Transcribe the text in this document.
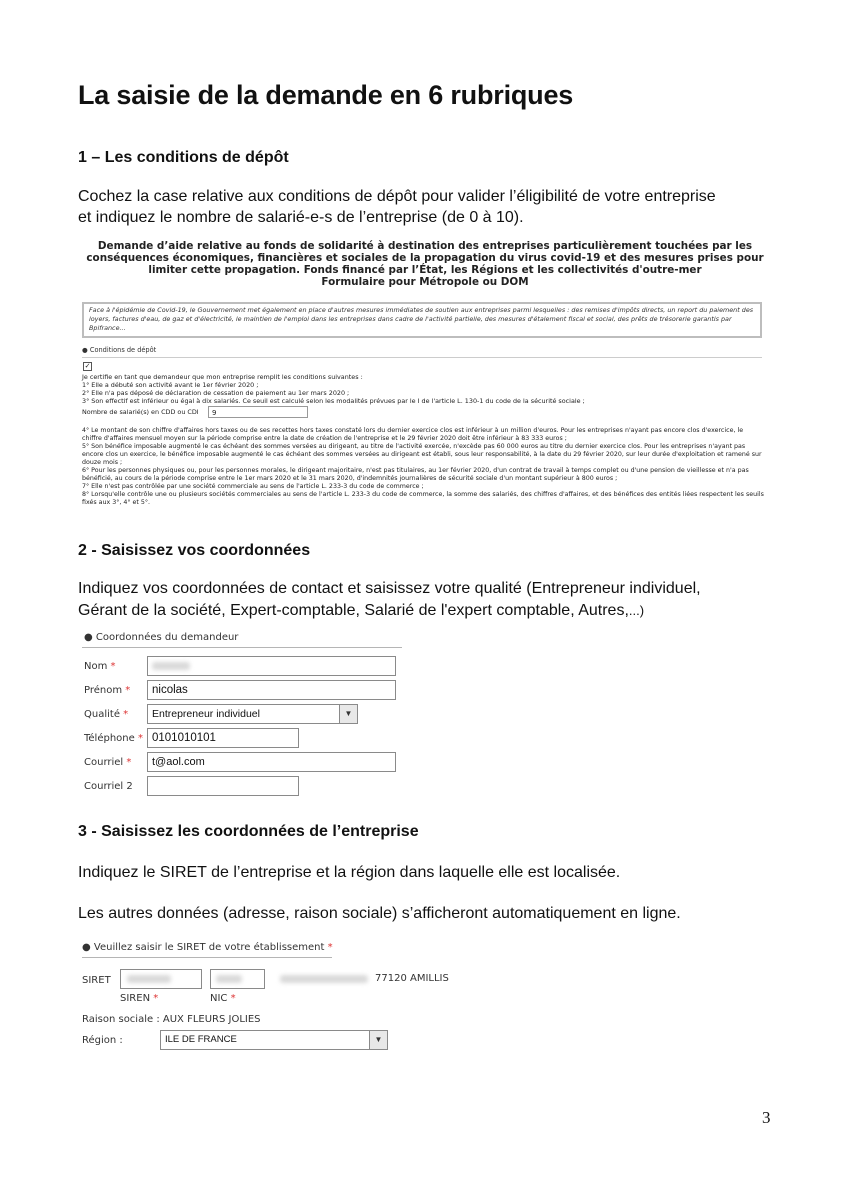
La saisie de la demande en 6 rubriques

1 – Les conditions de dépôt

Cochez la case relative aux conditions de dépôt pour valider l’éligibilité de votre entreprise

et indiquez le nombre de salarié-e-s de l’entreprise (de 0 à 10).

Demande d’aide relative au fonds de solidarité à destination des entreprises particulièrement touchées par les
conséquences économiques, financières et sociales de la propagation du virus covid-19 et des mesures prises pour
limiter cette propagation. Fonds financé par l’État, les Régions et les collectivités d'outre-mer
Formulaire pour Métropole ou DOM
Face à l'épidémie de Covid-19, le Gouvernement met également en place d'autres mesures immédiates de soutien aux entreprises parmi lesquelles : des remises d'impôts directs, un report du paiement des loyers, factures d'eau, de gaz et d'électricité, le maintien de l'emploi dans les entreprises dans cadre de l'activité partielle, des mesures d'étalement fiscal et social, des prêts de trésorerie garantis par Bpifrance...
● Conditions de dépôt
✓
Je certifie en tant que demandeur que mon entreprise remplit les conditions suivantes :
1° Elle a débuté son activité avant le 1er février 2020 ;
2° Elle n'a pas déposé de déclaration de cessation de paiement au 1er mars 2020 ;
3° Son effectif est inférieur ou égal à dix salariés. Ce seuil est calculé selon les modalités prévues par le I de l'article L. 130-1 du code de la sécurité sociale ;
Nombre de salarié(s) en CDD ou CDI	9
4° Le montant de son chiffre d'affaires hors taxes ou de ses recettes hors taxes constaté lors du dernier exercice clos est inférieur à un million d'euros. Pour les entreprises n'ayant pas encore clos d'exercice, le chiffre d'affaires mensuel moyen sur la période comprise entre la date de création de l'entreprise et le 29 février 2020 doit être inférieur à 83 333 euros ;
5° Son bénéfice imposable augmenté le cas échéant des sommes versées au dirigeant, au titre de l'activité exercée, n'excède pas 60 000 euros au titre du dernier exercice clos. Pour les entreprises n'ayant pas encore clos un exercice, le bénéfice imposable augmenté le cas échéant des sommes versées au dirigeant est établi, sous leur responsabilité, à la date du 29 février 2020, sur leur durée d'exploitation et ramené sur douze mois ;
6° Pour les personnes physiques ou, pour les personnes morales, le dirigeant majoritaire, n'est pas titulaires, au 1er février 2020, d'un contrat de travail à temps complet ou d'une pension de vieillesse et n'a pas bénéficié, au cours de la période comprise entre le 1er mars 2020 et le 31 mars 2020, d'indemnités journalières de sécurité sociale d'un montant supérieur à 800 euros ;
7° Elle n'est pas contrôlée par une société commerciale au sens de l'article L. 233-3 du code de commerce ;
8° Lorsqu'elle contrôle une ou plusieurs sociétés commerciales au sens de l'article L. 233-3 du code de commerce, la somme des salariés, des chiffres d'affaires, et des bénéfices des entités liées respectent les seuils fixés aux 3°, 4° et 5°.

2 - Saisissez vos coordonnées

Indiquez vos coordonnées de contact et saisissez votre qualité (Entrepreneur individuel,

Gérant de la société, Expert-comptable, Salarié de l'expert comptable, Autres,...)

● Coordonnées du demandeur
Nom *
Prénom *	nicolas
Qualité *	Entrepreneur individuel	▼
Téléphone * 0101010101
Courriel *	t@aol.com
Courriel 2

3 - Saisissez les coordonnées de l’entreprise

Indiquez le SIRET de l’entreprise et la région dans laquelle elle est localisée.

Les autres données (adresse, raison sociale) s’afficheront automatiquement en ligne.

● Veuillez saisir le SIRET de votre établissement *
SIRET	77120 AMILLIS
SIREN *	NIC *
Raison sociale : AUX FLEURS JOLIES
Région :	ILE DE FRANCE	▼
3
